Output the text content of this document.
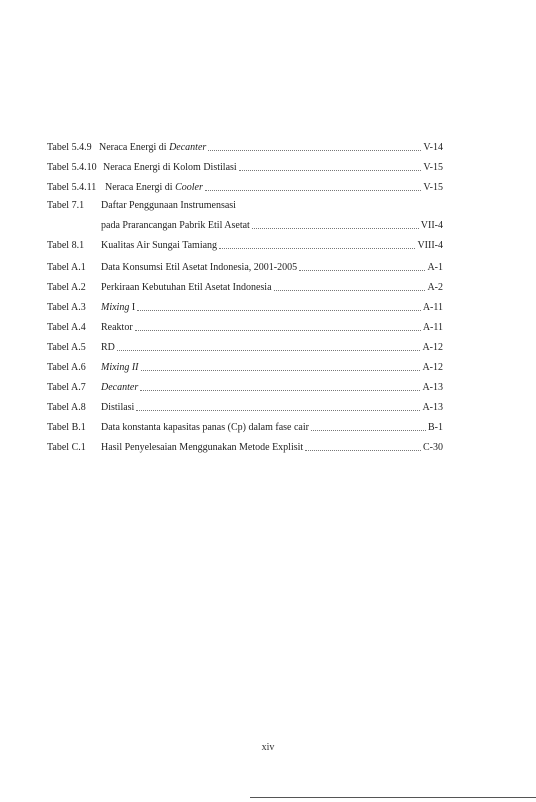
Tabel 5.4.9 Neraca Energi di Decanter	V-14
Tabel 5.4.10 Neraca Energi di Kolom Distilasi	V-15
Tabel 5.4.11 Neraca Energi di Cooler	V-15
Tabel 7.1	Daftar Penggunaan Instrumensasi
pada Prarancangan Pabrik Etil Asetat	VII-4
Tabel 8.1	Kualitas Air Sungai Tamiang	VIII-4
Tabel A.1	Data Konsumsi Etil Asetat Indonesia, 2001-2005	A-1
Tabel A.2	Perkiraan Kebutuhan Etil Asetat Indonesia	A-2
Tabel A.3	Mixing I	A-11
Tabel A.4	Reaktor	A-11
Tabel A.5	RD	A-12
Tabel A.6	Mixing II	A-12
Tabel A.7	Decanter	A-13
Tabel A.8	Distilasi	A-13
Tabel B.1	Data konstanta kapasitas panas (Cp) dalam fase cair	B-1
Tabel C.1	Hasil Penyelesaian Menggunakan Metode Explisit	C-30
xiv
